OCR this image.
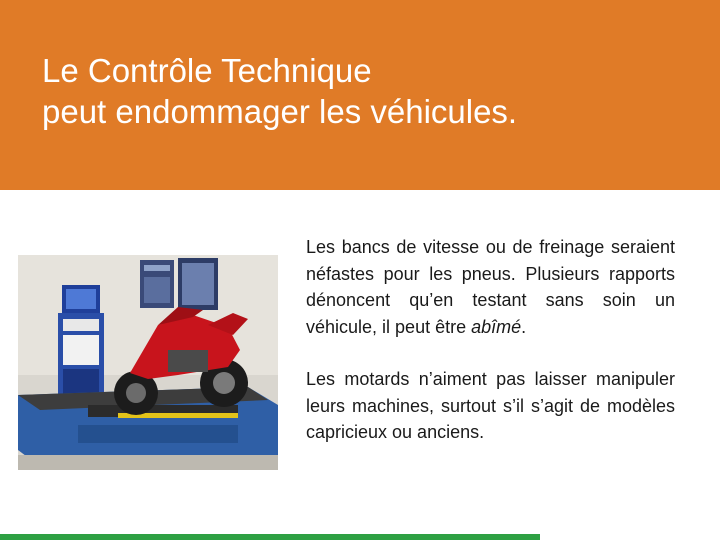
Le Contrôle Technique
peut endommager les véhicules.

Les bancs de vitesse ou de freinage seraient néfastes pour les pneus. Plusieurs rapports dénoncent qu’en testant sans soin un véhicule, il peut être abîmé.

Les motards n’aiment pas laisser manipuler leurs machines, surtout s’il s’agit de modèles capricieux ou anciens.
